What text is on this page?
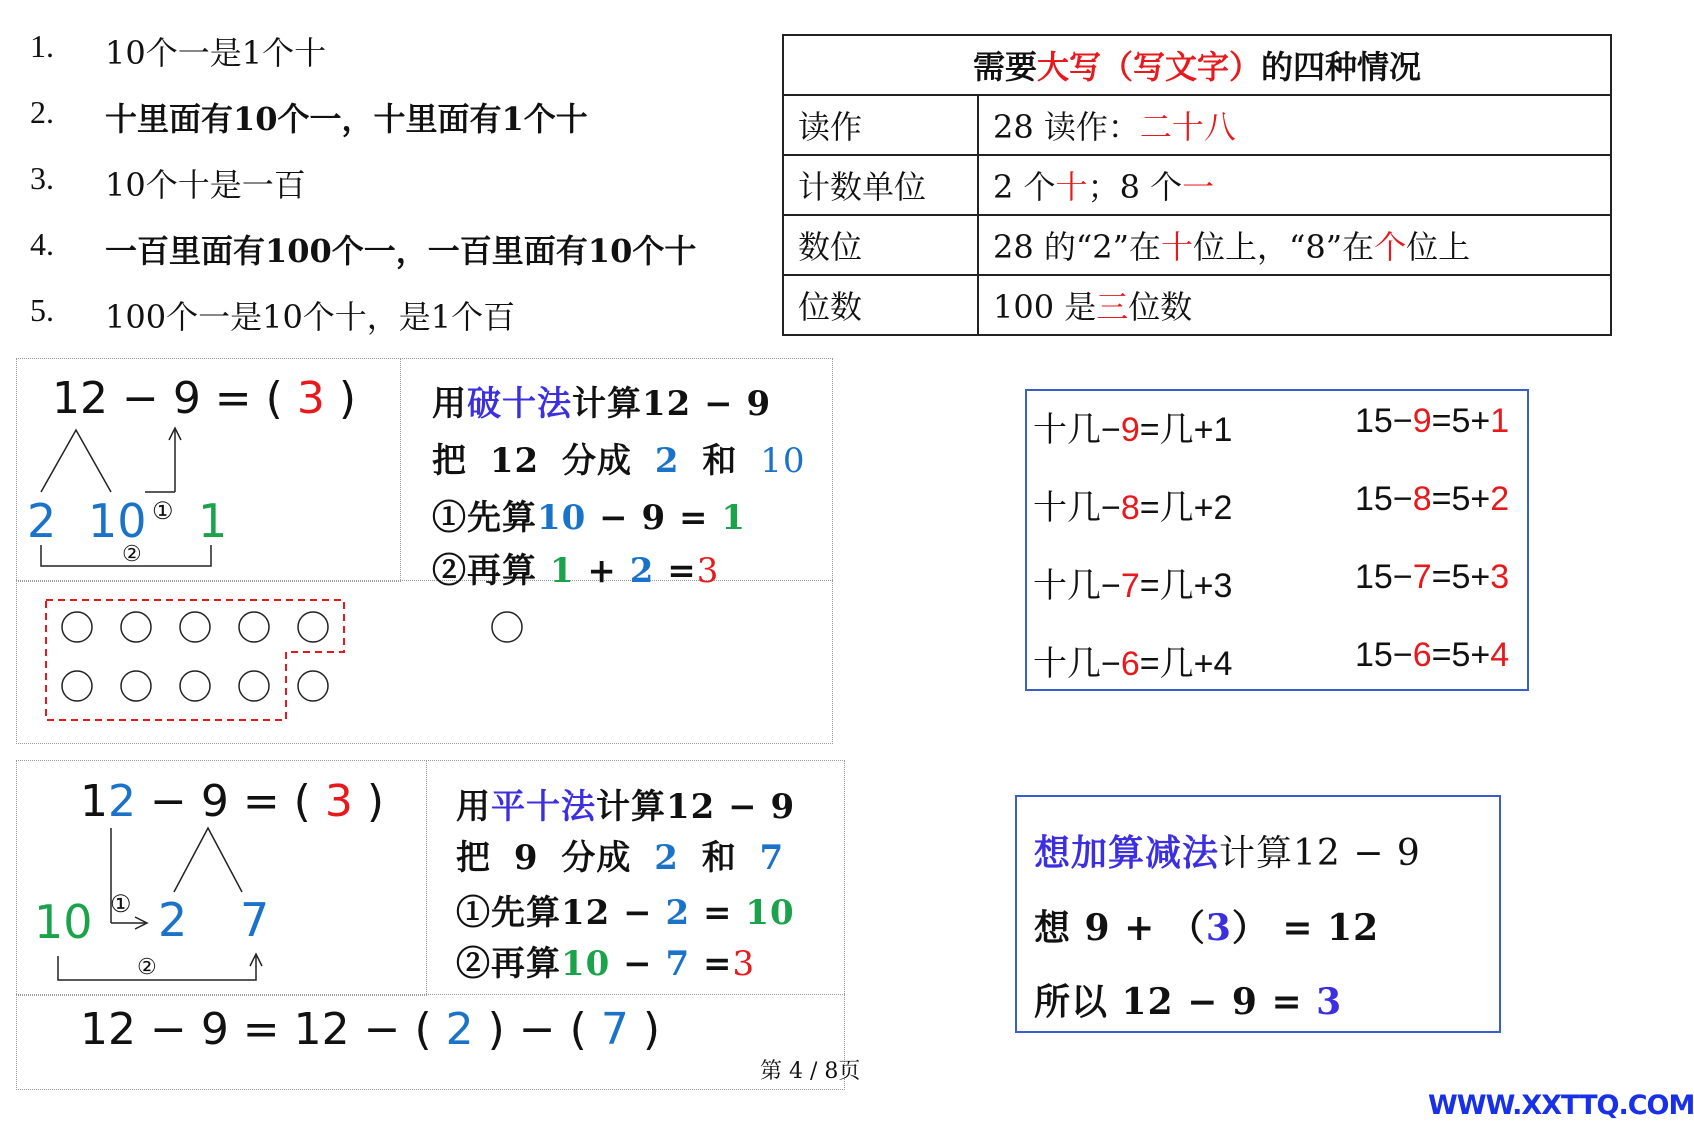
1. 10个一是1个十
2. 十里面有10个一，十里面有1个十
3. 10个十是一百
4. 一百里面有100个一，一百里面有10个十
5. 100个一是10个十，是1个百
需要大写（写文字）的四种情况	
读作	28 读作：二十八
计数单位	2 个十；8 个一
数位	28 的“2”在十位上，“8”在个位上
位数	100 是三位数
12 − 9 = ( 3 )
2 10 ① 1
②
用破十法计算12 − 9
把 12 分成 2 和 10
①先算10 − 9 = 1
②再算 1 + 2 =3
12 − 9 = ( 3 )
10 ① 2 7
②
用平十法计算12 − 9
把 9 分成 2 和 7
①先算12 − 2 = 10
②再算10 − 7 =3
12 − 9 = 12 − ( 2 ) − ( 7 )
十几−9=几+1	15−9=5+1
十几−8=几+2	15−8=5+2
十几−7=几+3	15−7=5+3
十几−6=几+4	15−6=5+4
想加算减法计算12 − 9
想 9 + （3） = 12
所以 12 − 9 = 3
第 4 / 8页
WWW.XXTTQ.COM
